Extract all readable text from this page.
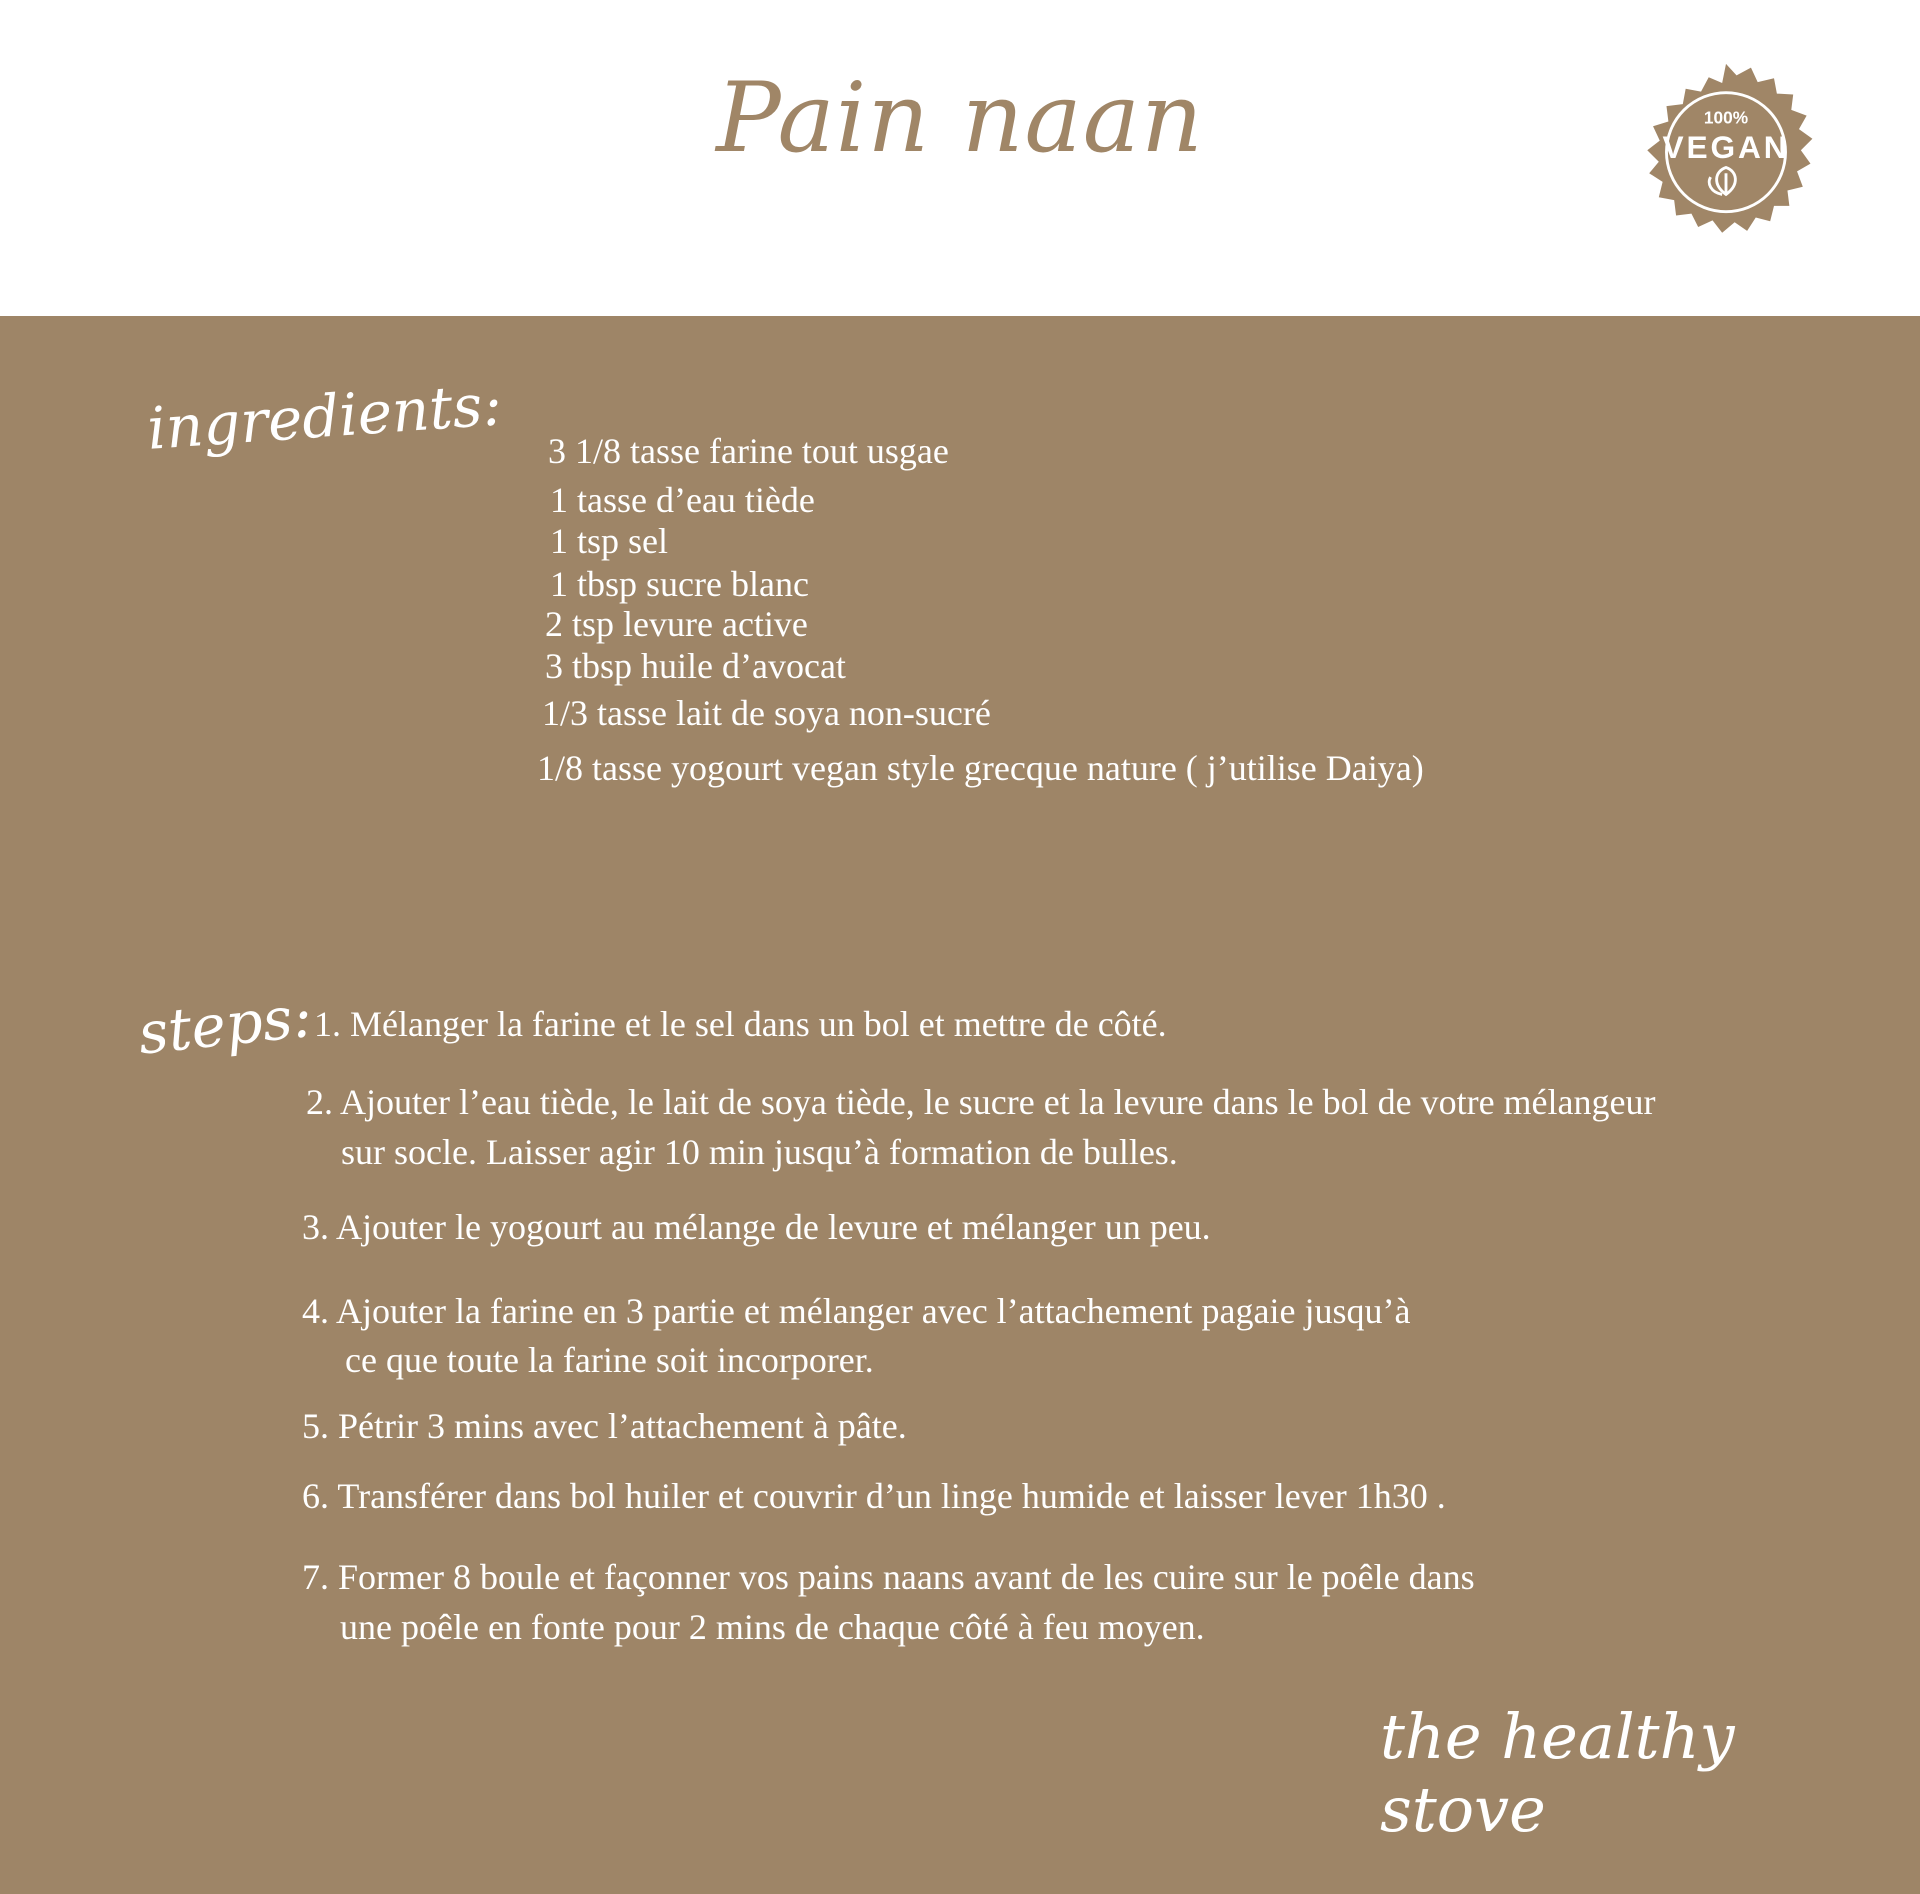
Pain naan	100%
VEGAN
ingredients: 3 1/8 tasse farine tout usgae
1 tasse d’eau tiède
1 tsp sel
1 tbsp sucre blanc
2 tsp levure active
3 tbsp huile d’avocat
1/3 tasse lait de soya non-sucré
1/8 tasse yogourt vegan style grecque nature ( j’utilise Daiya)
steps: 1. Mélanger la farine et le sel dans un bol et mettre de côté.
2. Ajouter l’eau tiède, le lait de soya tiède, le sucre et la levure dans le bol de votre mélangeur
sur socle. Laisser agir 10 min jusqu’à formation de bulles.
3. Ajouter le yogourt au mélange de levure et mélanger un peu.
4. Ajouter la farine en 3 partie et mélanger avec l’attachement pagaie jusqu’à
ce que toute la farine soit incorporer.
5. Pétrir 3 mins avec l’attachement à pâte.
6. Transférer dans bol huiler et couvrir d’un linge humide et laisser lever 1h30 .
7. Former 8 boule et façonner vos pains naans avant de les cuire sur le poêle dans
une poêle en fonte pour 2 mins de chaque côté à feu moyen.
the healthy stove
